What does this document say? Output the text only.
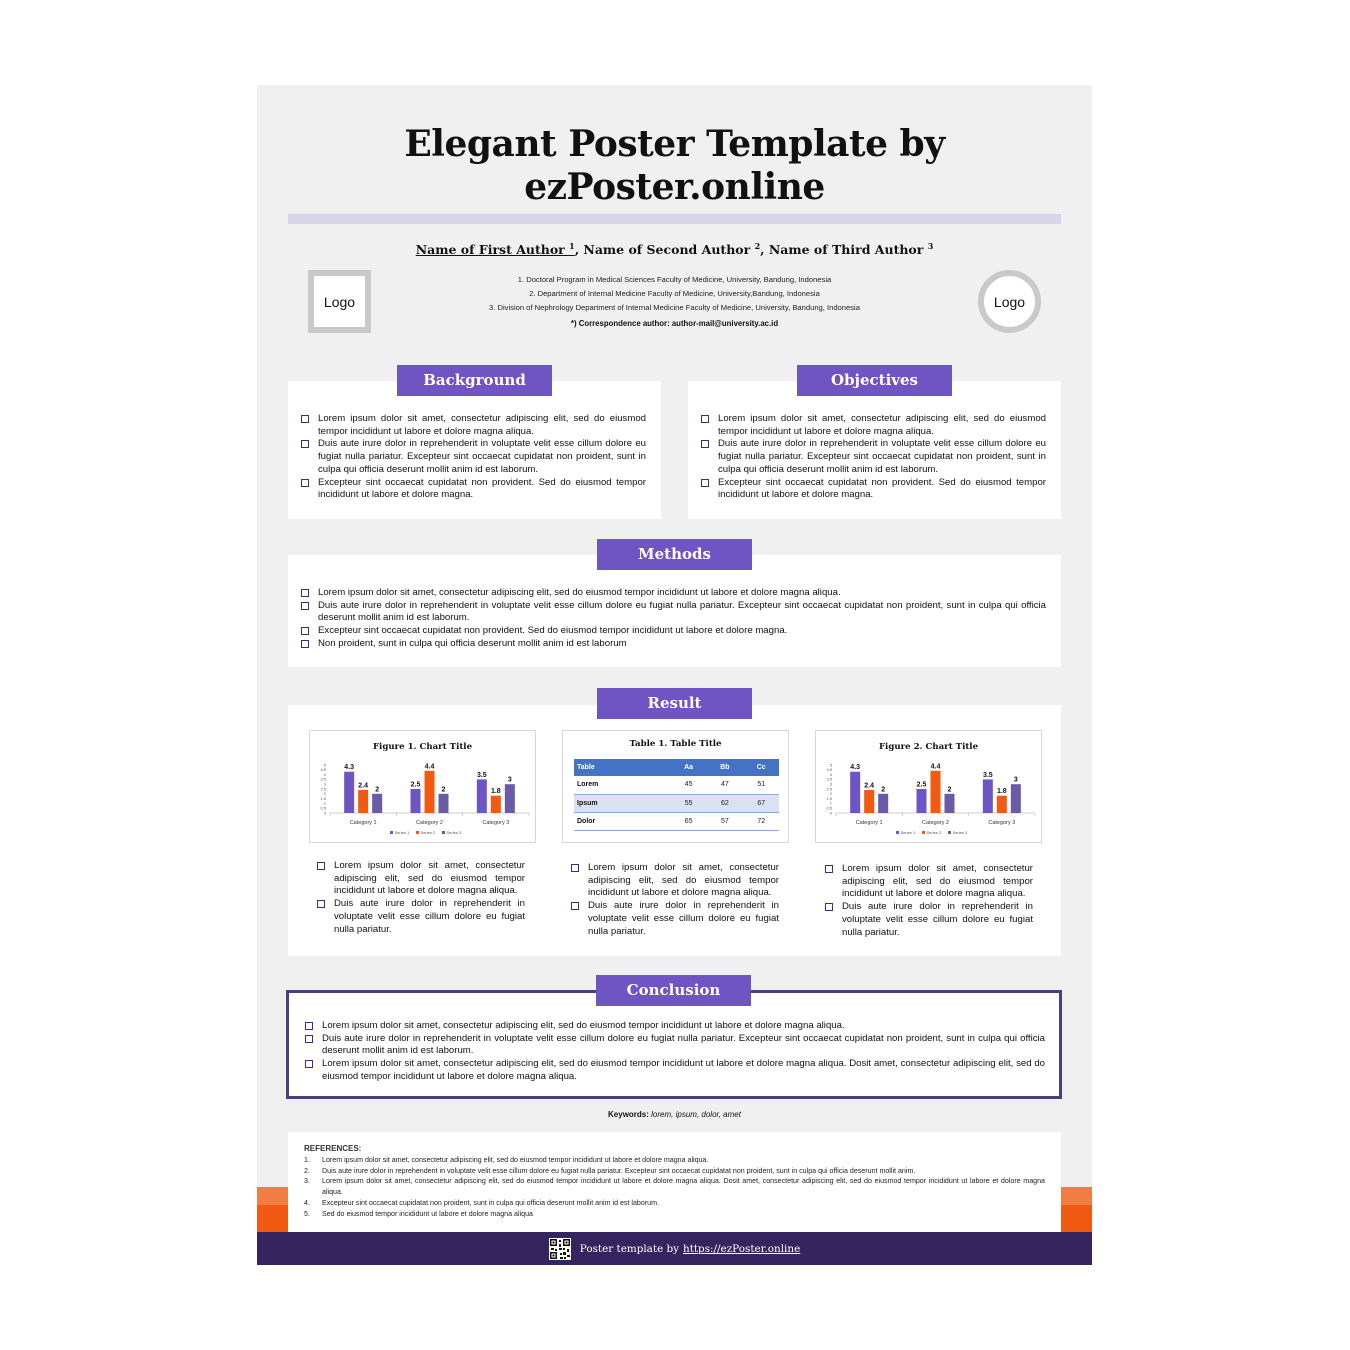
Elegant Poster Template by
ezPoster.online
Name of First Author $^1$, Name of Second Author $^2$, Name of Third Author $^3$
Logo	Logo
1. Doctoral Program in Medical Sciences Faculty of Medicine, University, Bandung, Indonesia
2. Department of Internal Medicine Faculty of Medicine, University,Bandung, Indonesia
3. Division of Nephrology Department of Internal Medicine Faculty of Medicine, University, Bandung, Indonesia
*) Correspondence author: author-mail@university.ac.id
Lorem ipsum dolor sit amet, consectetur adipiscing elit, sed do eiusmod tempor incididunt ut labore et dolore magna aliqua.
Duis aute irure dolor in reprehenderit in voluptate velit esse cillum dolore eu fugiat nulla pariatur. Excepteur sint occaecat cupidatat non proident, sunt in culpa qui officia deserunt mollit anim id est laborum.
Excepteur sint occaecat cupidatat non provident. Sed do eiusmod tempor incididunt ut labore et dolore magna.
Background
Lorem ipsum dolor sit amet, consectetur adipiscing elit, sed do eiusmod tempor incididunt ut labore et dolore magna aliqua.
Duis aute irure dolor in reprehenderit in voluptate velit esse cillum dolore eu fugiat nulla pariatur. Excepteur sint occaecat cupidatat non proident, sunt in culpa qui officia deserunt mollit anim id est laborum.
Excepteur sint occaecat cupidatat non provident. Sed do eiusmod tempor incididunt ut labore et dolore magna.
Objectives
Lorem ipsum dolor sit amet, consectetur adipiscing elit, sed do eiusmod tempor incididunt ut labore et dolore magna aliqua.
Duis aute irure dolor in reprehenderit in voluptate velit esse cillum dolore eu fugiat nulla pariatur. Excepteur sint occaecat cupidatat non proident, sunt in culpa qui officia deserunt mollit anim id est laborum.
Excepteur sint occaecat cupidatat non provident. Sed do eiusmod tempor incididunt ut labore et dolore magna.
Non proident, sunt in culpa qui officia deserunt mollit anim id est laborum
Methods
Lorem ipsum dolor sit amet, consectetur adipiscing elit, sed do eiusmod tempor incididunt ut labore et dolore magna aliqua.
Duis aute irure dolor in reprehenderit in voluptate velit esse cillum dolore eu fugiat nulla pariatur.
Lorem ipsum dolor sit amet, consectetur adipiscing elit, sed do eiusmod tempor incididunt ut labore et dolore magna aliqua.
Duis aute irure dolor in reprehenderit in voluptate velit esse cillum dolore eu fugiat nulla pariatur.
Lorem ipsum dolor sit amet, consectetur adipiscing elit, sed do eiusmod tempor incididunt ut labore et dolore magna aliqua.
Duis aute irure dolor in reprehenderit in voluptate velit esse cillum dolore eu fugiat nulla pariatur.
Result
Figure 1. Chart Title
0
0.5
1
1.5
2
2.5
3
3.5
4
4.5
5	4.3
2.4
2
Category 1
2.5
4.4
2
Category 2
3.5
1.8
3
Category 3
Series 1	Series 2	Series 3
Table 1. Table Title
Table	Aa	Bb	Cc
Lorem	45	47	51
Ipsum	55	62	67
Dolor	65	57	72
Figure 2. Chart Title
0
0.5
1
1.5
2
2.5
3
3.5
4
4.5
5	4.3
2.4
2
Category 1
2.5
4.4
2
Category 2
3.5
1.8
3
Category 3
Series 1	Series 2	Series 3
Lorem ipsum dolor sit amet, consectetur adipiscing elit, sed do eiusmod tempor incididunt ut labore et dolore magna aliqua.
Duis aute irure dolor in reprehenderit in voluptate velit esse cillum dolore eu fugiat nulla pariatur. Excepteur sint occaecat cupidatat non proident, sunt in culpa qui officia deserunt mollit anim id est laborum.
Lorem ipsum dolor sit amet, consectetur adipiscing elit, sed do eiusmod tempor incididunt ut labore et dolore magna aliqua. Dosit amet, consectetur adipiscing elit, sed do eiusmod tempor incididunt ut labore et dolore magna aliqua.
Conclusion
Keywords: lorem, ipsum, dolor, amet
REFERENCES:
1. Lorem ipsum dolor sit amet, consectetur adipiscing elit, sed do eiusmod tempor incididunt ut labore et dolore magna aliqua.
2. Duis aute irure dolor in reprehenderit in voluptate velit esse cillum dolore eu fugiat nulla pariatur. Excepteur sint occaecat cupidatat non proident, sunt in culpa qui officia deserunt mollit anim.
3. Lorem ipsum dolor sit amet, consectetur adipiscing elit, sed do eiusmod tempor incididunt ut labore et dolore magna aliqua. Dosit amet, consectetur adipiscing elit, sed do eiusmod tempor incididunt ut labore et dolore magna aliqua.
4. Excepteur sint occaecat cupidatat non proident, sunt in culpa qui officia deserunt mollit anim id est laborum.
5. Sed do eiusmod tempor incididunt ut labore et dolore magna aliqua
Poster template by https://ezPoster.online
